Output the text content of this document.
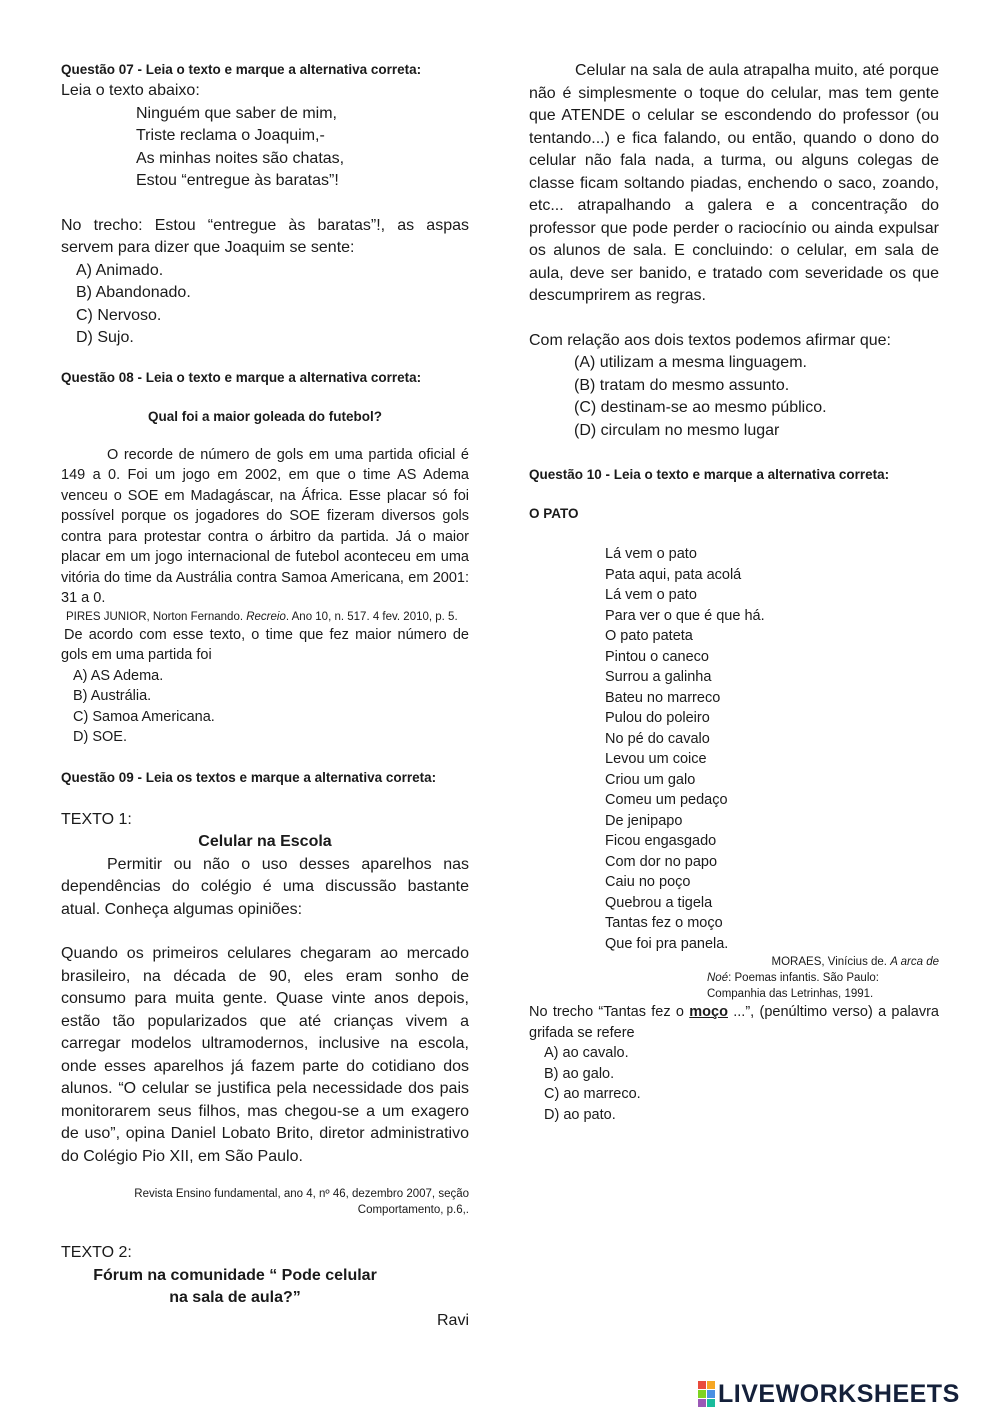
Questão 07 - Leia o texto e marque a alternativa correta:

Leia o texto abaixo:

Ninguém que saber de mim,

Triste reclama o Joaquim,-

As minhas noites são chatas,

Estou “entregue às baratas”!

No trecho: Estou “entregue às baratas”!, as aspas servem para dizer que Joaquim se sente:

A) Animado.

B) Abandonado.

C) Nervoso.

D) Sujo.

Questão 08 - Leia o texto e marque a alternativa correta:

Qual foi a maior goleada do futebol?

O recorde de número de gols em uma partida oficial é 149 a 0. Foi um jogo em 2002, em que o time AS Adema venceu o SOE em Madagáscar, na África. Esse placar só foi possível porque os jogadores do SOE fizeram diversos gols contra para protestar contra o árbitro da partida. Já o maior placar em um jogo internacional de futebol aconteceu em uma vitória do time da Austrália contra Samoa Americana, em 2001: 31 a 0.

PIRES JUNIOR, Norton Fernando. Recreio. Ano 10, n. 517. 4 fev. 2010, p. 5.

De acordo com esse texto, o time que fez maior número de gols em uma partida foi

A) AS Adema.

B) Austrália.

C) Samoa Americana.

D) SOE.

Questão 09 - Leia os textos e marque a alternativa correta:

TEXTO 1:

Celular na Escola

Permitir ou não o uso desses aparelhos nas dependências do colégio é uma discussão bastante atual. Conheça algumas opiniões:

Quando os primeiros celulares chegaram ao mercado brasileiro, na década de 90, eles eram sonho de consumo para muita gente. Quase vinte anos depois, estão tão popularizados que até crianças vivem a carregar modelos ultramodernos, inclusive na escola, onde esses aparelhos já fazem parte do cotidiano dos alunos. “O celular se justifica pela necessidade dos pais monitorarem seus filhos, mas chegou-se a um exagero de uso”, opina Daniel Lobato Brito, diretor administrativo do Colégio Pio XII, em São Paulo.

Revista Ensino fundamental, ano 4, nº 46, dezembro 2007, seção

Comportamento, p.6,.

TEXTO 2:

Fórum na comunidade “ Pode celular

na sala de aula?”

Ravi

Celular na sala de aula atrapalha muito, até porque não é simplesmente o toque do celular, mas tem gente que ATENDE o celular se escondendo do professor (ou tentando...) e fica falando, ou então, quando o dono do celular não fala nada, a turma, ou alguns colegas de classe ficam soltando piadas, enchendo o saco, zoando, etc... atrapalhando a galera e a concentração do professor que pode perder o raciocínio ou ainda expulsar os alunos de sala. E concluindo: o celular, em sala de aula, deve ser banido, e tratado com severidade os que descumprirem as regras.

Com relação aos dois textos podemos afirmar que:

(A) utilizam a mesma linguagem.

(B) tratam do mesmo assunto.

(C) destinam-se ao mesmo público.

(D) circulam no mesmo lugar

Questão 10 - Leia o texto e marque a alternativa correta:

O PATO

Lá vem o pato

Pata aqui, pata acolá

Lá vem o pato

Para ver o que é que há.

O pato pateta

Pintou o caneco

Surrou a galinha

Bateu no marreco

Pulou do poleiro

No pé do cavalo

Levou um coice

Criou um galo

Comeu um pedaço

De jenipapo

Ficou engasgado

Com dor no papo

Caiu no poço

Quebrou a tigela

Tantas fez o moço

Que foi pra panela.

MORAES, Vinícius de. A arca de

Noé: Poemas infantis. São Paulo:

Companhia das Letrinhas, 1991.

No trecho “Tantas fez o moço ...”, (penúltimo verso) a palavra grifada se refere

A) ao cavalo.

B) ao galo.

C) ao marreco.

D) ao pato.

LIVEWORKSHEETS
